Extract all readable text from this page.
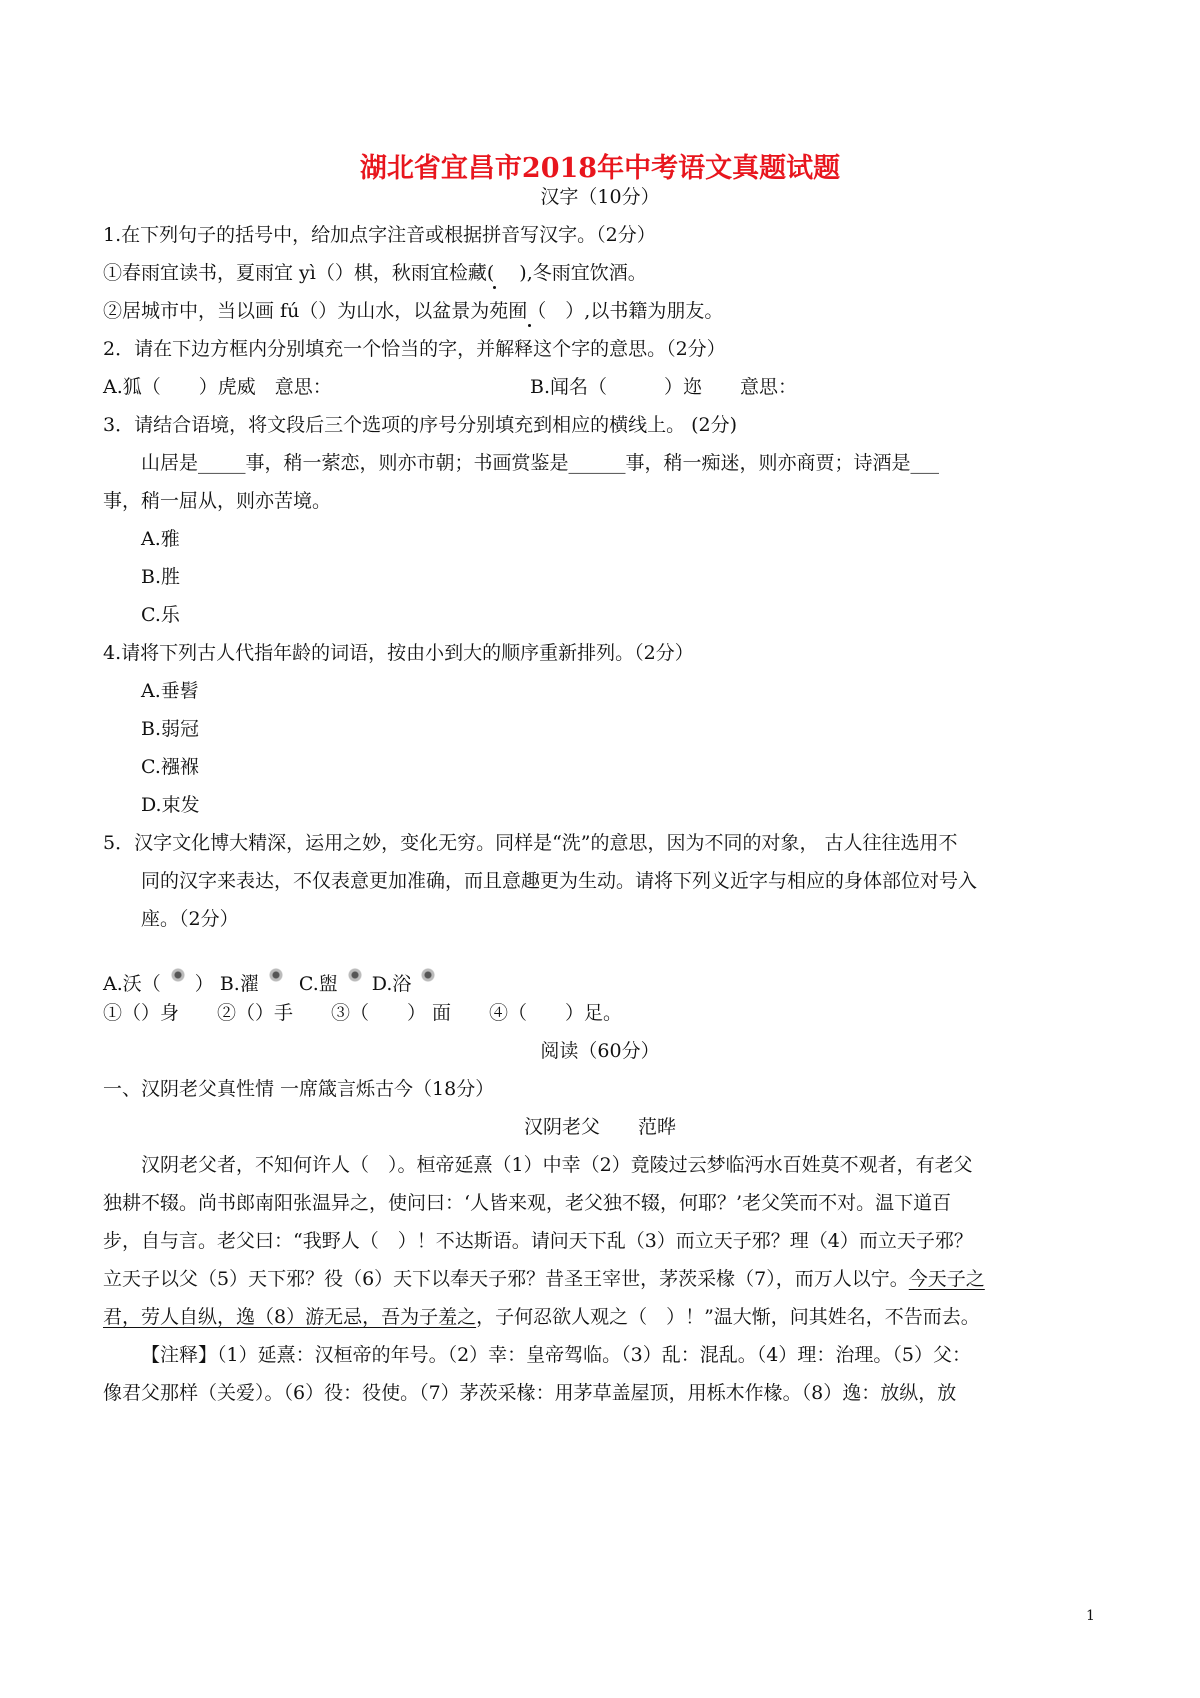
湖北省宜昌市2018年中考语文真题试题
汉字（10分）
1.在下列句子的括号中，给加点字注音或根据拼音写汉字。（2分）
①春雨宜读书，夏雨宜 yì（）棋，秋雨宜检藏(　 ),冬雨宜饮酒。
②居城市中，当以画 fú（）为山水，以盆景为苑囿（　）,以书籍为朋友。
2．请在下边方框内分别填充一个恰当的字，并解释这个字的意思。（2分）
A.狐（　　）虎威　意思：	B.闻名（　　　）迩　　意思：
3．请结合语境，将文段后三个选项的序号分别填充到相应的横线上。 (2分)
山居是_____事，稍一萦恋，则亦市朝；书画赏鉴是______事，稍一痴迷，则亦商贾；诗酒是___
事，稍一屈从，则亦苦境。
A.雅
B.胜
C.乐
4.请将下列古人代指年龄的词语，按由小到大的顺序重新排列。（2分）
A.垂髫
B.弱冠
C.襁褓
D.束发
5．汉字文化博大精深，运用之妙，变化无穷。同样是“洗”的意思，因为不同的对象， 古人往往选用不
同的汉字来表达，不仅表意更加准确，而且意趣更为生动。请将下列义近字与相应的身体部位对号入
座。（2分）
A.沃（ ） B.濯 C.盥 D.浴
①（）身　　②（）手　　③（　　） 面　　④（　　）足。
阅读（60分）
一、汉阴老父真性情 一席箴言烁古今（18分）
汉阴老父　　范晔
汉阴老父者，不知何许人（　）。桓帝延熹（1）中幸（2）竟陵过云梦临沔水百姓莫不观者，有老父
独耕不辍。尚书郎南阳张温异之，使问曰：‘人皆来观，老父独不辍，何耶？’老父笑而不对。温下道百
步，自与言。老父曰：“我野人（　）！不达斯语。请问天下乱（3）而立天子邪？理（4）而立天子邪？
立天子以父（5）天下邪？役（6）天下以奉天子邪？昔圣王宰世，茅茨采椽（7），而万人以宁。今天子之
君，劳人自纵，逸（8）游无忌，吾为子羞之，子何忍欲人观之（　）！”温大惭，问其姓名，不告而去。
【注释】（1）延熹：汉桓帝的年号。（2）幸：皇帝驾临。（3）乱：混乱。（4）理：治理。（5）父：
像君父那样（关爱）。（6）役：役使。（7）茅茨采椽：用茅草盖屋顶，用栎木作椽。（8）逸：放纵，放
1
